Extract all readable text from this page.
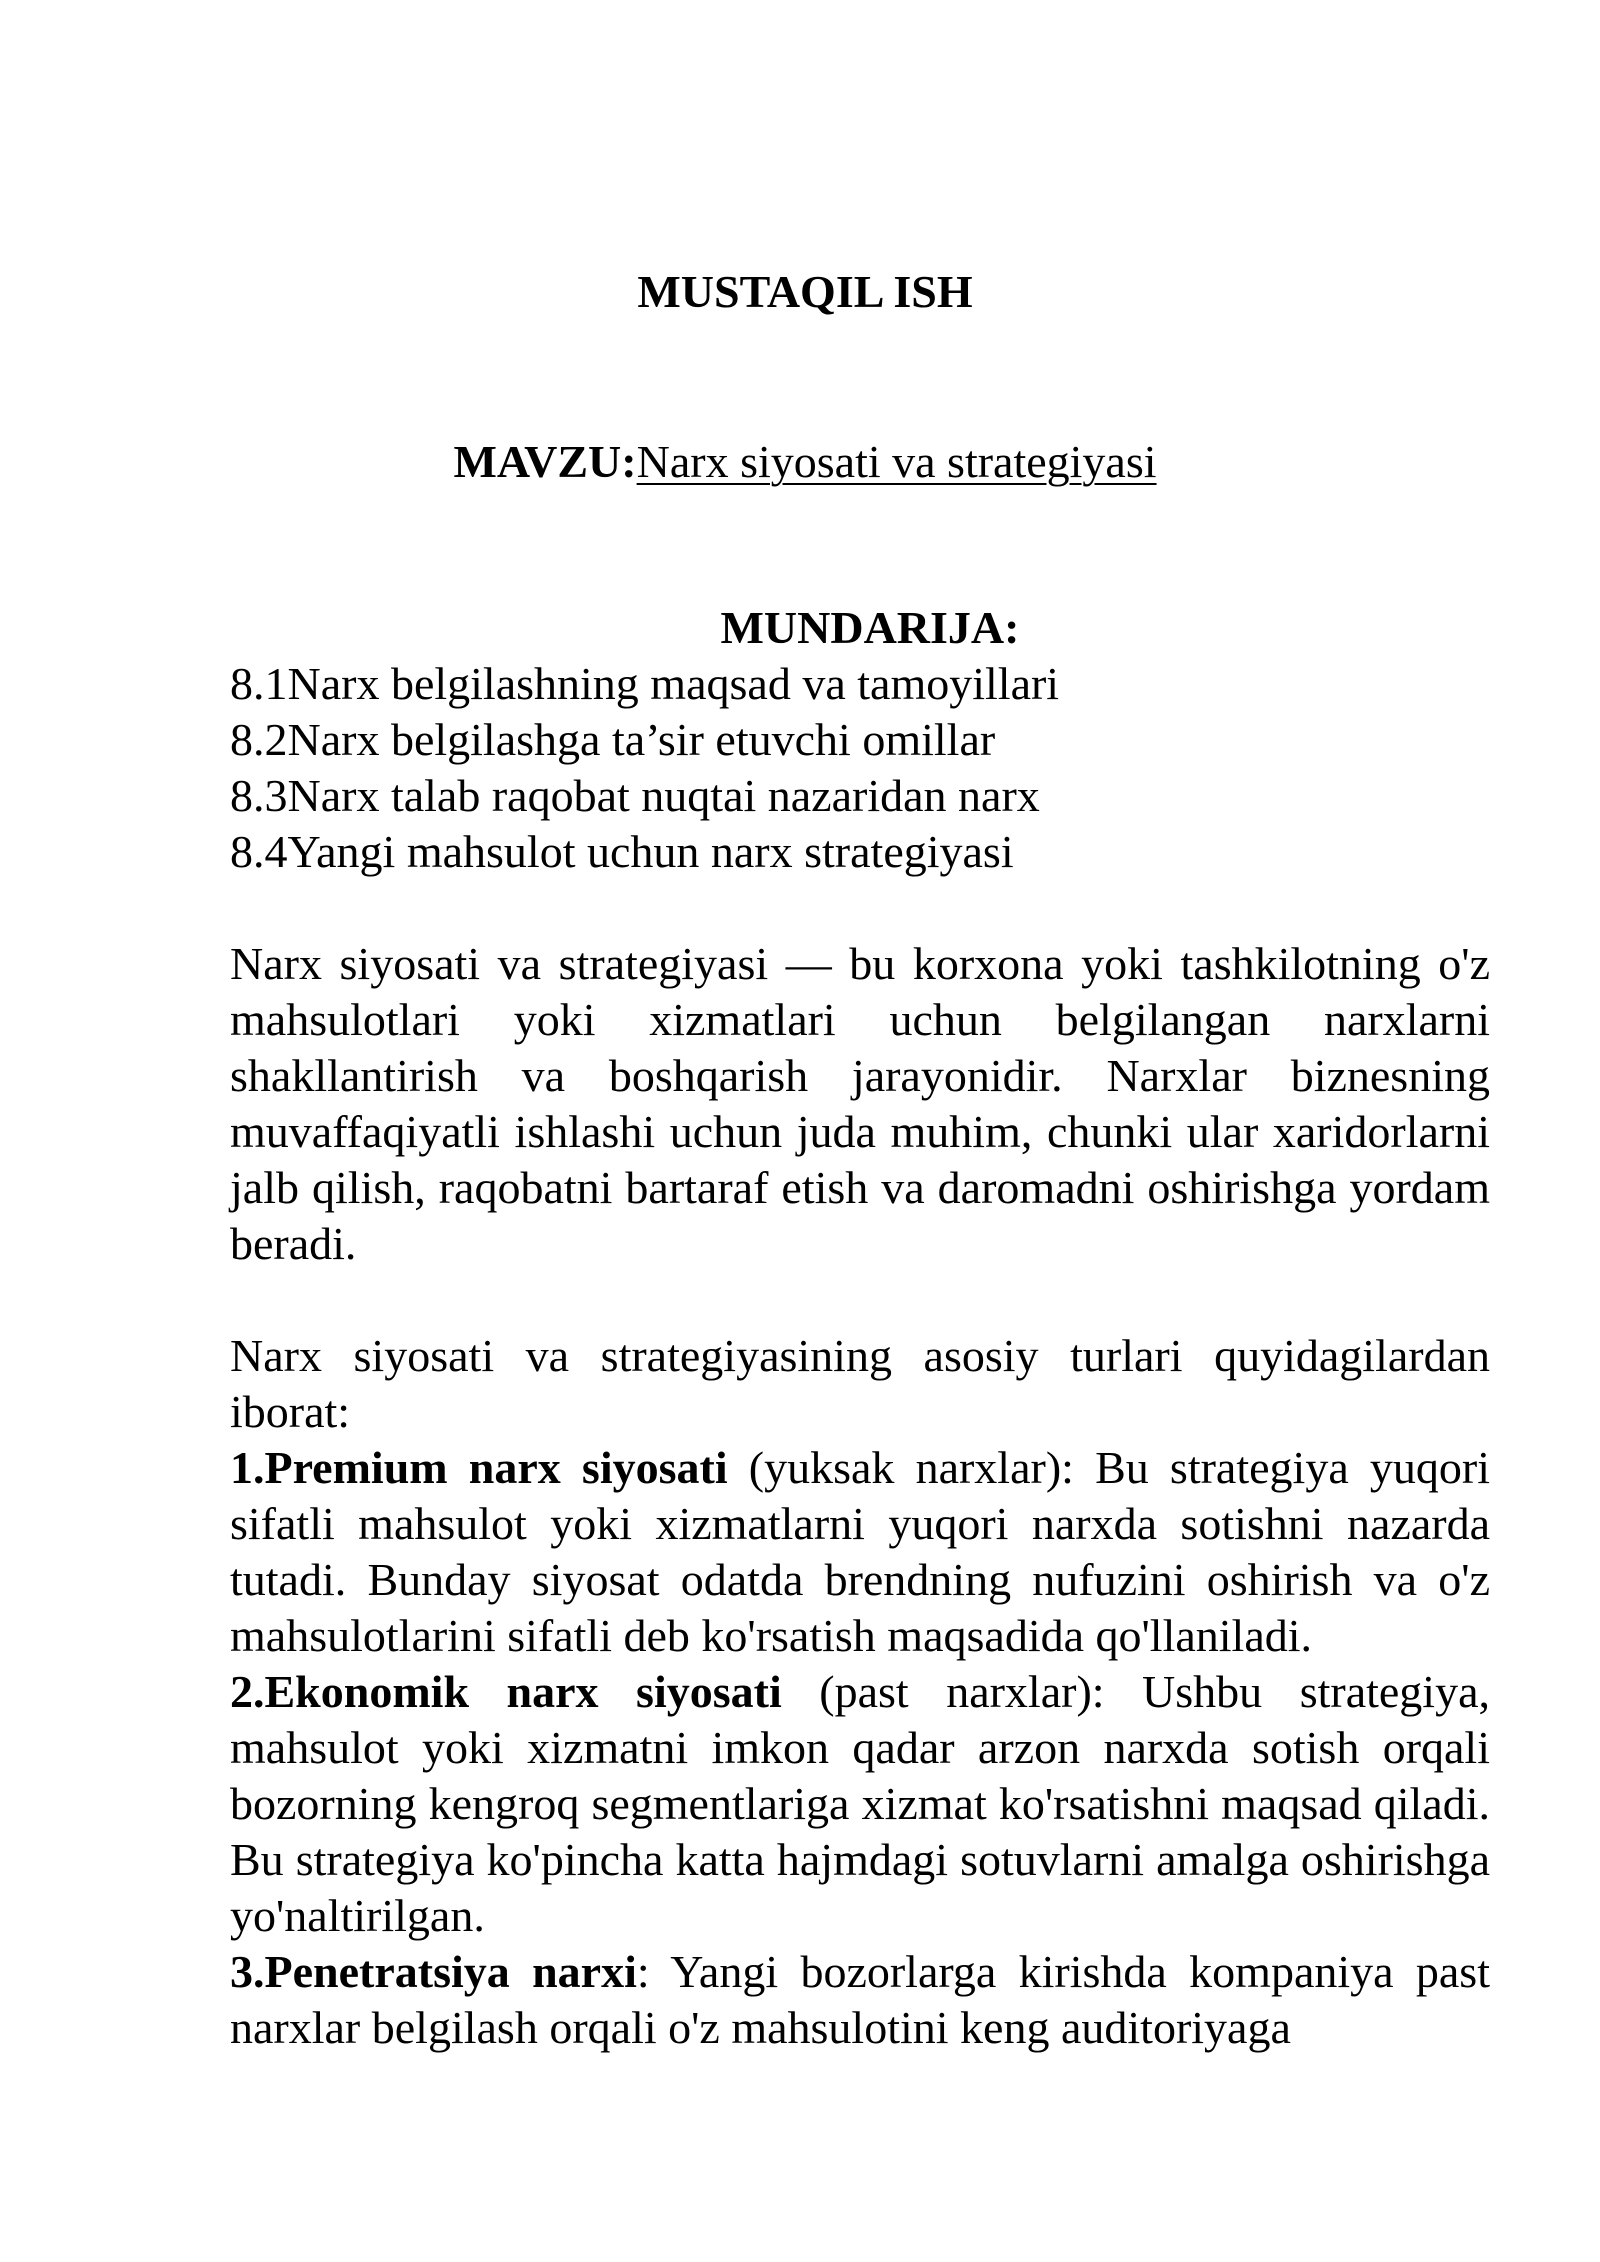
MUSTAQIL ISH
MAVZU:Narx siyosati va strategiyasi
MUNDARIJA:
8.1Narx belgilashning maqsad va tamoyillari
8.2Narx belgilashga ta’sir etuvchi omillar
8.3Narx talab raqobat nuqtai nazaridan narx
8.4Yangi mahsulot uchun narx strategiyasi

Narx siyosati va strategiyasi — bu korxona yoki tashkilotning o'z mahsulotlari yoki xizmatlari uchun belgilangan narxlarni shakllantirish va boshqarish jarayonidir. Narxlar biznesning muvaffaqiyatli ishlashi uchun juda muhim, chunki ular xaridorlarni jalb qilish, raqobatni bartaraf etish va daromadni oshirishga yordam beradi.

Narx siyosati va strategiyasining asosiy turlari quyidagilardan iborat:

1.Premium narx siyosati (yuksak narxlar): Bu strategiya yuqori sifatli mahsulot yoki xizmatlarni yuqori narxda sotishni nazarda tutadi. Bunday siyosat odatda brendning nufuzini oshirish va o'z mahsulotlarini sifatli deb ko'rsatish maqsadida qo'llaniladi.

2.Ekonomik narx siyosati (past narxlar): Ushbu strategiya, mahsulot yoki xizmatni imkon qadar arzon narxda sotish orqali bozorning kengroq segmentlariga xizmat ko'rsatishni maqsad qiladi. Bu strategiya ko'pincha katta hajmdagi sotuvlarni amalga oshirishga yo'naltirilgan.

3.Penetratsiya narxi: Yangi bozorlarga kirishda kompaniya past narxlar belgilash orqali o'z mahsulotini keng auditoriyaga
